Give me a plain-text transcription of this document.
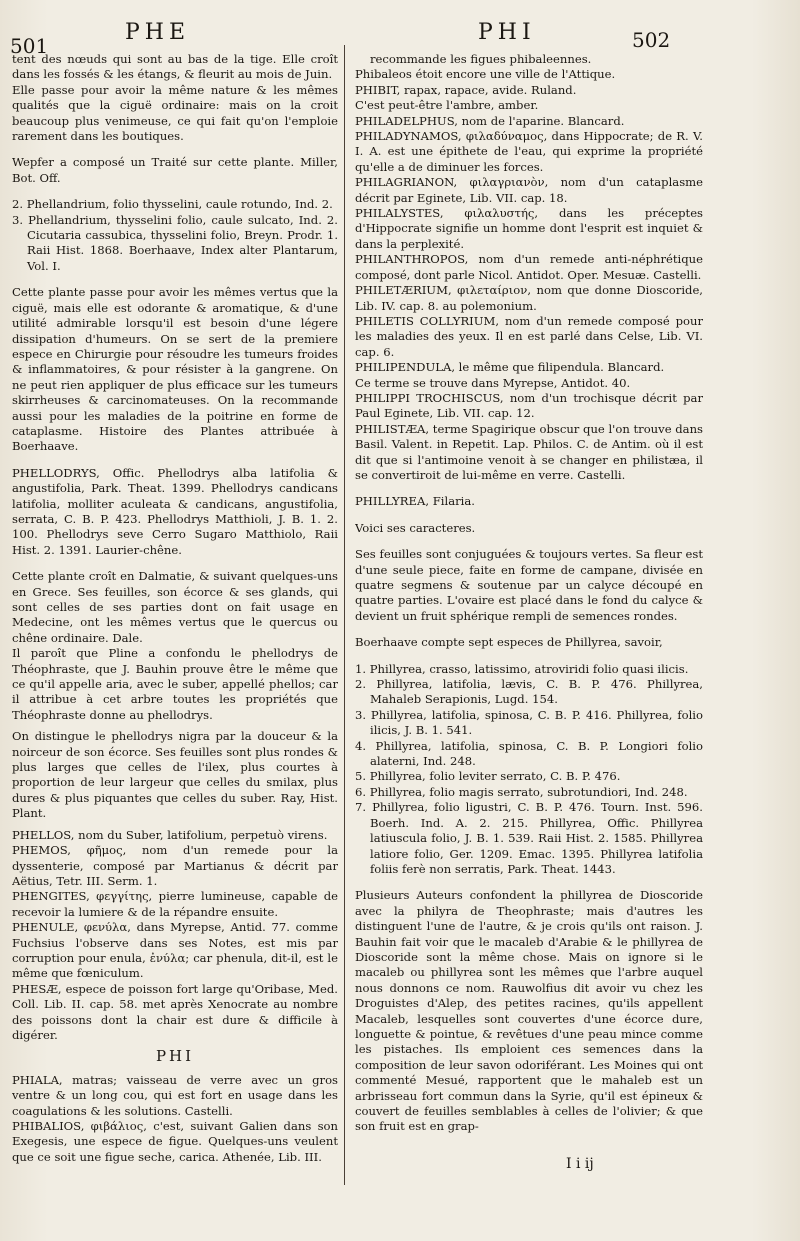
501
PHE	PHI	502

tent des nœuds qui sont au bas de la tige. Elle croît dans les fossés & les étangs, & fleurit au mois de Juin.

Elle passe pour avoir la même nature & les mêmes qualités que la ciguë ordinaire: mais on la croit beaucoup plus venimeuse, ce qui fait qu'on l'emploie rarement dans les boutiques.

Wepfer a composé un Traité sur cette plante. Miller, Bot. Off.

2. Phellandrium, folio thysselini, caule rotundo, Ind. 2.

3. Phellandrium, thysselini folio, caule sulcato, Ind. 2. Cicutaria cassubica, thysselini folio, Breyn. Prodr. 1. Raii Hist. 1868. Boerhaave, Index alter Plantarum, Vol. I.

Cette plante passe pour avoir les mêmes vertus que la ciguë, mais elle est odorante & aromatique, & d'une utilité admirable lorsqu'il est besoin d'une légere dissipation d'humeurs. On se sert de la premiere espece en Chirurgie pour résoudre les tumeurs froides & inflammatoires, & pour résister à la gangrene. On ne peut rien appliquer de plus efficace sur les tumeurs skirrheuses & carcinomateuses. On la recommande aussi pour les maladies de la poitrine en forme de cataplasme. Histoire des Plantes attribuée à Boerhaave.

PHELLODRYS, Offic. Phellodrys alba latifolia & angustifolia, Park. Theat. 1399. Phellodrys candicans latifolia, molliter aculeata & candicans, angustifolia, serrata, C. B. P. 423. Phellodrys Matthioli, J. B. 1. 2. 100. Phellodrys seve Cerro Sugaro Matthiolo, Raii Hist. 2. 1391. Laurier-chêne.

Cette plante croît en Dalmatie, & suivant quelques-uns en Grece. Ses feuilles, son écorce & ses glands, qui sont celles de ses parties dont on fait usage en Medecine, ont les mêmes vertus que le quercus ou chêne ordinaire. Dale.

Il paroît que Pline a confondu le phellodrys de Théophraste, que J. Bauhin prouve être le même que ce qu'il appelle aria, avec le suber, appellé phellos; car il attribue à cet arbre toutes les propriétés que Théophraste donne au phellodrys.

On distingue le phellodrys nigra par la douceur & la noirceur de son écorce. Ses feuilles sont plus rondes & plus larges que celles de l'ilex, plus courtes à proportion de leur largeur que celles du smilax, plus dures & plus piquantes que celles du suber. Ray, Hist. Plant.

PHELLOS, nom du Suber, latifolium, perpetuò virens.

PHEMOS, φῆμος, nom d'un remede pour la dyssenterie, composé par Martianus & décrit par Aëtius, Tetr. III. Serm. 1.

PHENGITES, φεγγίτης, pierre lumineuse, capable de recevoir la lumiere & de la répandre ensuite.

PHENULE, φενύλα, dans Myrepse, Antid. 77. comme Fuchsius l'observe dans ses Notes, est mis par corruption pour enula, ἐνύλα; car phenula, dit-il, est le même que fœniculum.

PHESÆ, espece de poisson fort large qu'Oribase, Med. Coll. Lib. II. cap. 58. met après Xenocrate au nombre des poissons dont la chair est dure & difficile à digérer.

PHI

PHIALA, matras; vaisseau de verre avec un gros ventre & un long cou, qui est fort en usage dans les coagulations & les solutions. Castelli.

PHIBALIOS, φιβάλιος, c'est, suivant Galien dans son Exegesis, une espece de figue. Quelques-uns veulent que ce soit une figue seche, carica. Athenée, Lib. III.

recommande les figues phibaleennes.

Phibaleos étoit encore une ville de l'Attique.

PHIBIT, rapax, rapace, avide. Ruland.

C'est peut-être l'ambre, amber.

PHILADELPHUS, nom de l'aparine. Blancard.

PHILADYNAMOS, φιλαδύναμος, dans Hippocrate; de R. V. I. A. est une épithete de l'eau, qui exprime la propriété qu'elle a de diminuer les forces.

PHILAGRIANON, φιλαγριανὸν, nom d'un cataplasme décrit par Eginete, Lib. VII. cap. 18.

PHILALYSTES, φιλαλυστής, dans les préceptes d'Hippocrate signifie un homme dont l'esprit est inquiet & dans la perplexité.

PHILANTHROPOS, nom d'un remede anti-néphrétique composé, dont parle Nicol. Antidot. Oper. Mesuæ. Castelli.

PHILETÆRIUM, φιλεταίριον, nom que donne Dioscoride, Lib. IV. cap. 8. au polemonium.

PHILETIS COLLYRIUM, nom d'un remede composé pour les maladies des yeux. Il en est parlé dans Celse, Lib. VI. cap. 6.

PHILIPENDULA, le même que filipendula. Blancard.

Ce terme se trouve dans Myrepse, Antidot. 40.

PHILIPPI TROCHISCUS, nom d'un trochisque décrit par Paul Eginete, Lib. VII. cap. 12.

PHILISTÆA, terme Spagirique obscur que l'on trouve dans Basil. Valent. in Repetit. Lap. Philos. C. de Antim. où il est dit que si l'antimoine venoit à se changer en philistæa, il se convertiroit de lui-même en verre. Castelli.

PHILLYREA, Filaria.

Voici ses caracteres.

Ses feuilles sont conjuguées & toujours vertes. Sa fleur est d'une seule piece, faite en forme de campane, divisée en quatre segmens & soutenue par un calyce découpé en quatre parties. L'ovaire est placé dans le fond du calyce & devient un fruit sphérique rempli de semences rondes.

Boerhaave compte sept especes de Phillyrea, savoir,

1. Phillyrea, crasso, latissimo, atroviridi folio quasi ilicis.

2. Phillyrea, latifolia, lævis, C. B. P. 476. Phillyrea, Mahaleb Serapionis, Lugd. 154.

3. Phillyrea, latifolia, spinosa, C. B. P. 416. Phillyrea, folio ilicis, J. B. 1. 541.

4. Phillyrea, latifolia, spinosa, C. B. P. Longiori folio alaterni, Ind. 248.

5. Phillyrea, folio leviter serrato, C. B. P. 476.

6. Phillyrea, folio magis serrato, subrotundiori, Ind. 248.

7. Phillyrea, folio ligustri, C. B. P. 476. Tourn. Inst. 596. Boerh. Ind. A. 2. 215. Phillyrea, Offic. Phillyrea latiuscula folio, J. B. 1. 539. Raii Hist. 2. 1585. Phillyrea latiore folio, Ger. 1209. Emac. 1395. Phillyrea latifolia foliis ferè non serratis, Park. Theat. 1443.

Plusieurs Auteurs confondent la phillyrea de Dioscoride avec la philyra de Theophraste; mais d'autres les distinguent l'une de l'autre, & je crois qu'ils ont raison. J. Bauhin fait voir que le macaleb d'Arabie & le phillyrea de Dioscoride sont la même chose. Mais on ignore si le macaleb ou phillyrea sont les mêmes que l'arbre auquel nous donnons ce nom. Rauwolfius dit avoir vu chez les Droguistes d'Alep, des petites racines, qu'ils appellent Macaleb, lesquelles sont couvertes d'une écorce dure, longuette & pointue, & revêtues d'une peau mince comme les pistaches. Ils emploient ces semences dans la composition de leur savon odoriférant. Les Moines qui ont commenté Mesué, rapportent que le mahaleb est un arbrisseau fort commun dans la Syrie, qu'il est épineux & couvert de feuilles semblables à celles de l'olivier; & que son fruit est en grap-

I i ij
